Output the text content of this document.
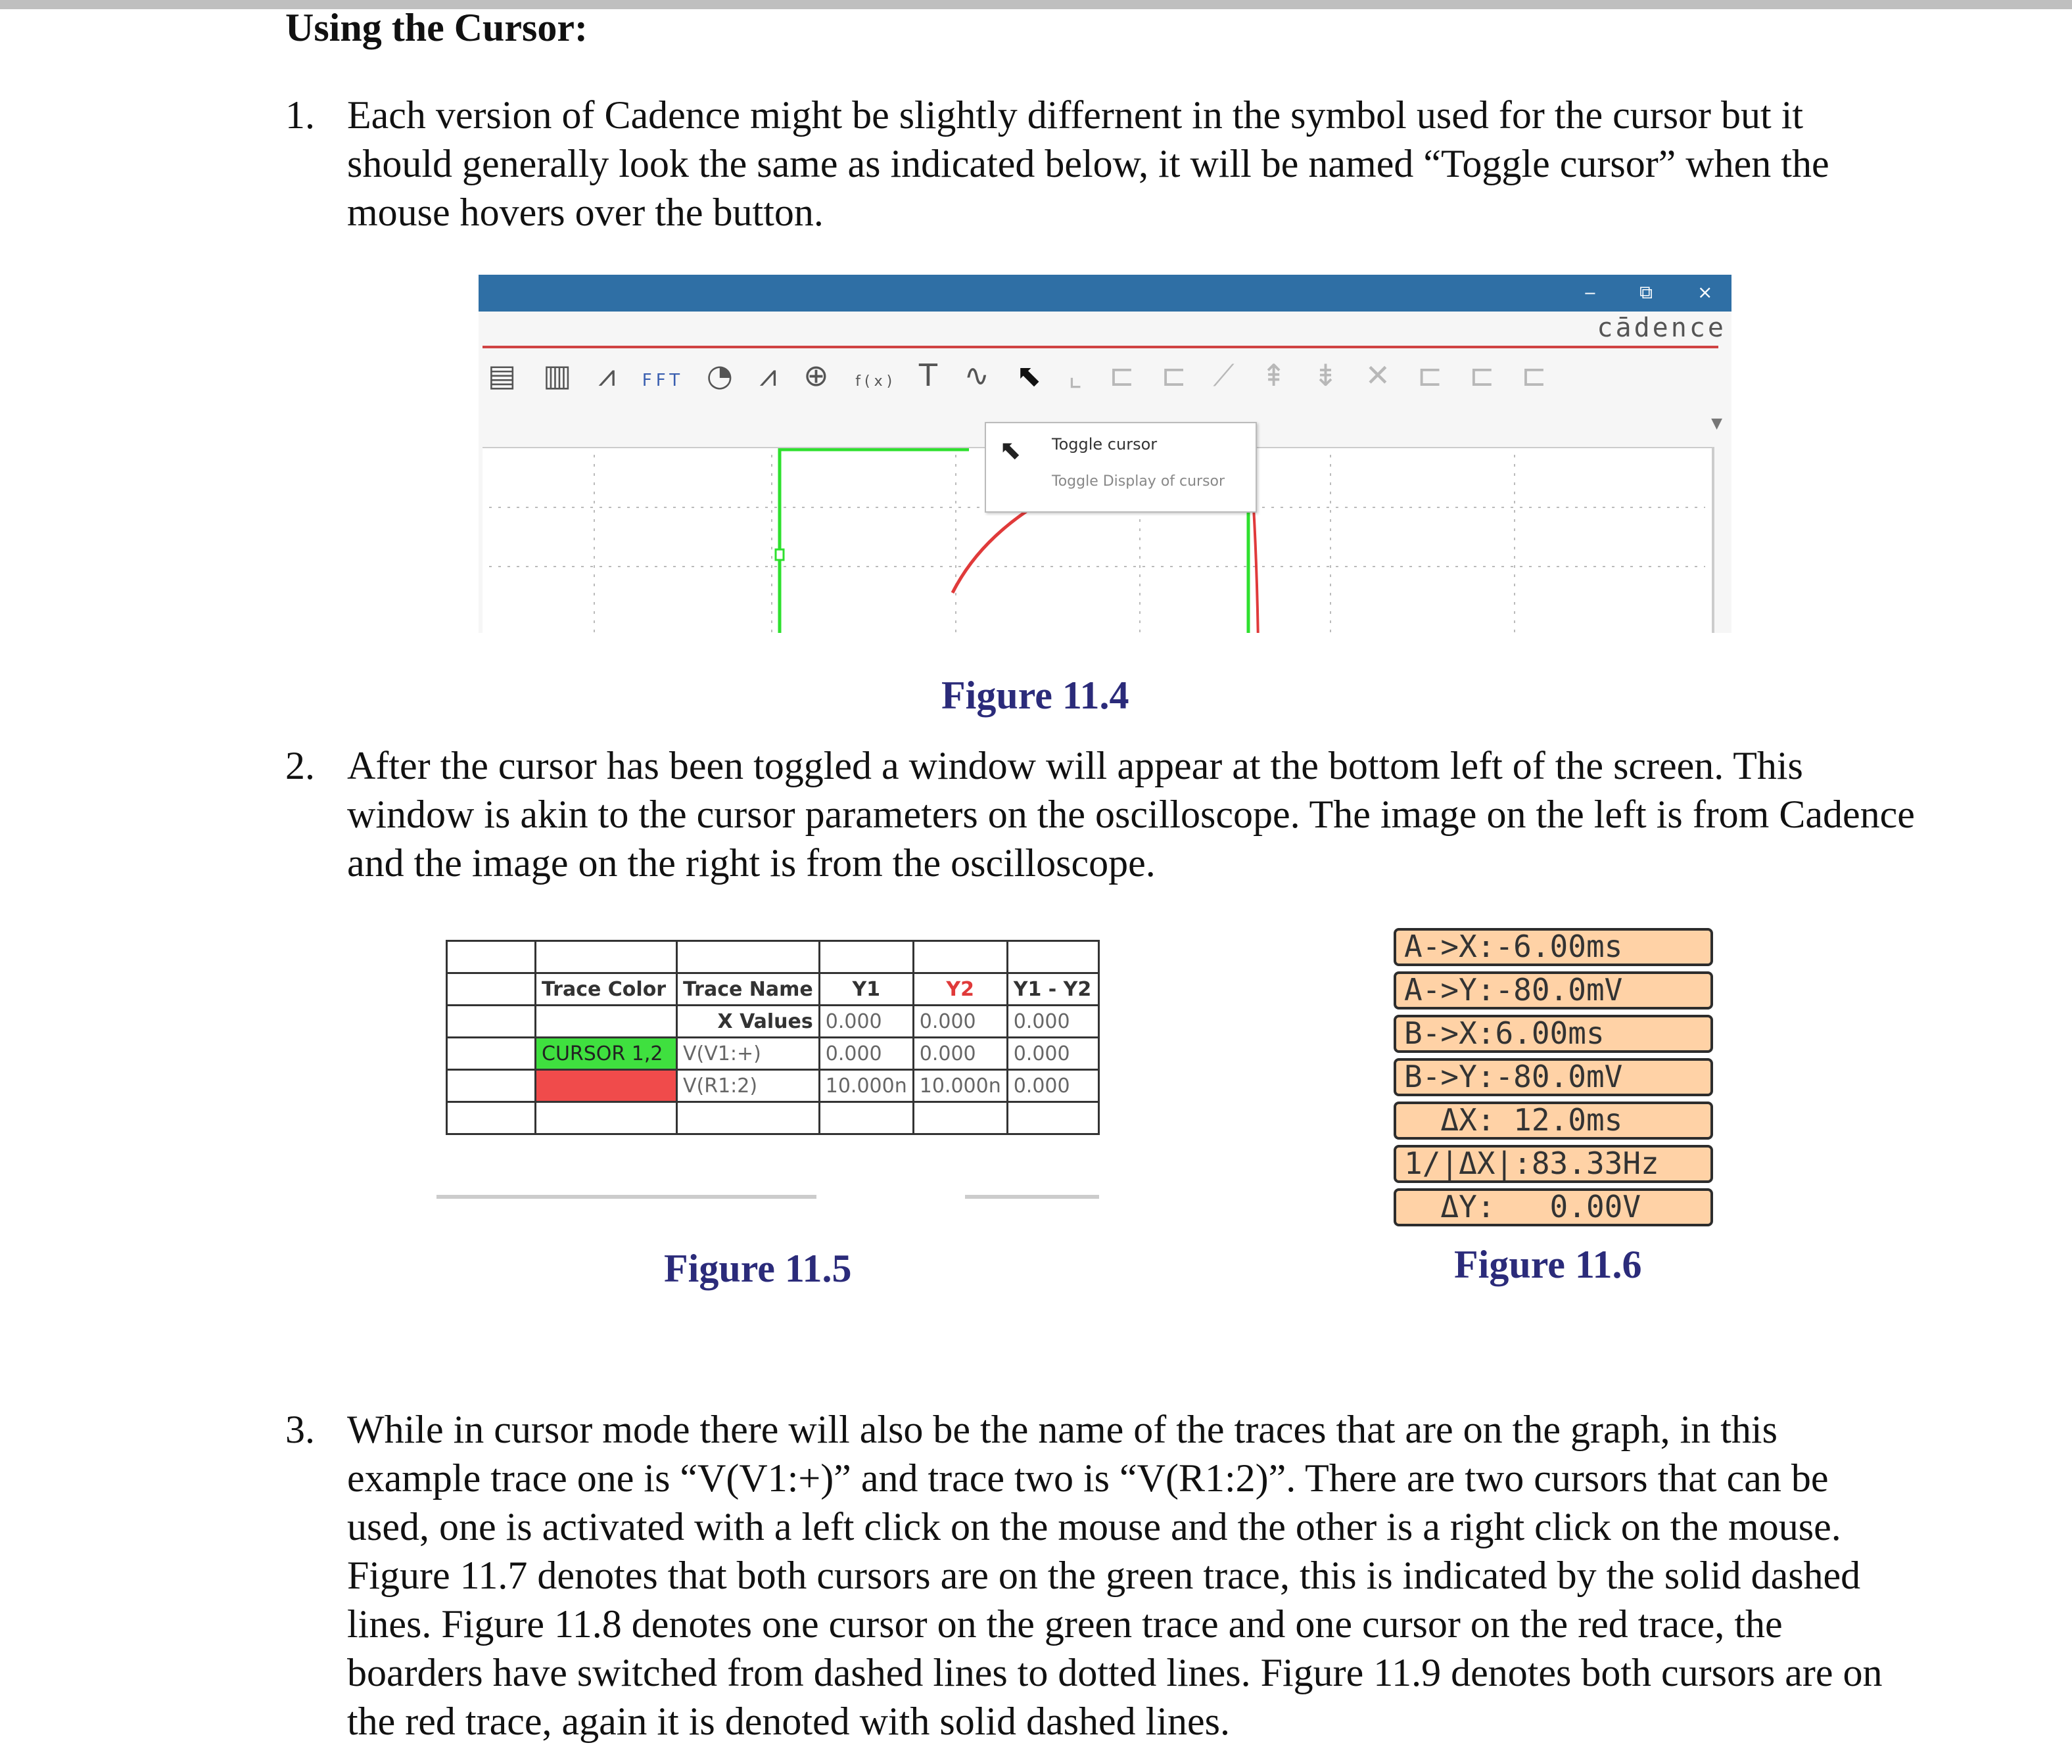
Using the Cursor:
1. Each version of Cadence might be slightly differnent in the symbol used for the cursor but it should generally look the same as indicated below, it will be named “Toggle cursor” when the mouse hovers over the button.

‒ ⧉ ×
cādence
▤ ▥ ⩘ FFT ◔ ⩘ ⊕ f(x) T ∿ ⬉ ⌞ ⊏ ⊏ ⟋ ⇞ ⇟ ✕ ⊏ ⊏ ⊏
▼
⬉ Toggle cursor
Toggle Display of cursor
Figure 11.4
2. After the cursor has been toggled a window will appear at the bottom left of the screen. This window is akin to the cursor parameters on the oscilloscope. The image on the left is from Cadence and the image on the right is from the oscilloscope.

	Trace Color	Trace Name	Y1	Y2	Y1 - Y2
		X Values	0.000	0.000	0.000
	CURSOR 1,2	V(V1:+)	0.000	0.000	0.000
		V(R1:2)	10.000n	10.000n	0.000

A->X:-6.00ms
A->Y:-80.0mV
B->X:6.00ms
B->Y:-80.0mV
ΔX: 12.0ms
1/|ΔX|:83.33Hz
ΔY:   0.00V
Figure 11.5	Figure 11.6
3. While in cursor mode there will also be the name of the traces that are on the graph, in this example trace one is “V(V1:+)” and trace two is “V(R1:2)”. There are two cursors that can be used, one is activated with a left click on the mouse and the other is a right click on the mouse. Figure 11.7 denotes that both cursors are on the green trace, this is indicated by the solid dashed lines. Figure 11.8 denotes one cursor on the green trace and one cursor on the red trace, the boarders have switched from dashed lines to dotted lines. Figure 11.9 denotes both cursors are on the red trace, again it is denoted with solid dashed lines.
